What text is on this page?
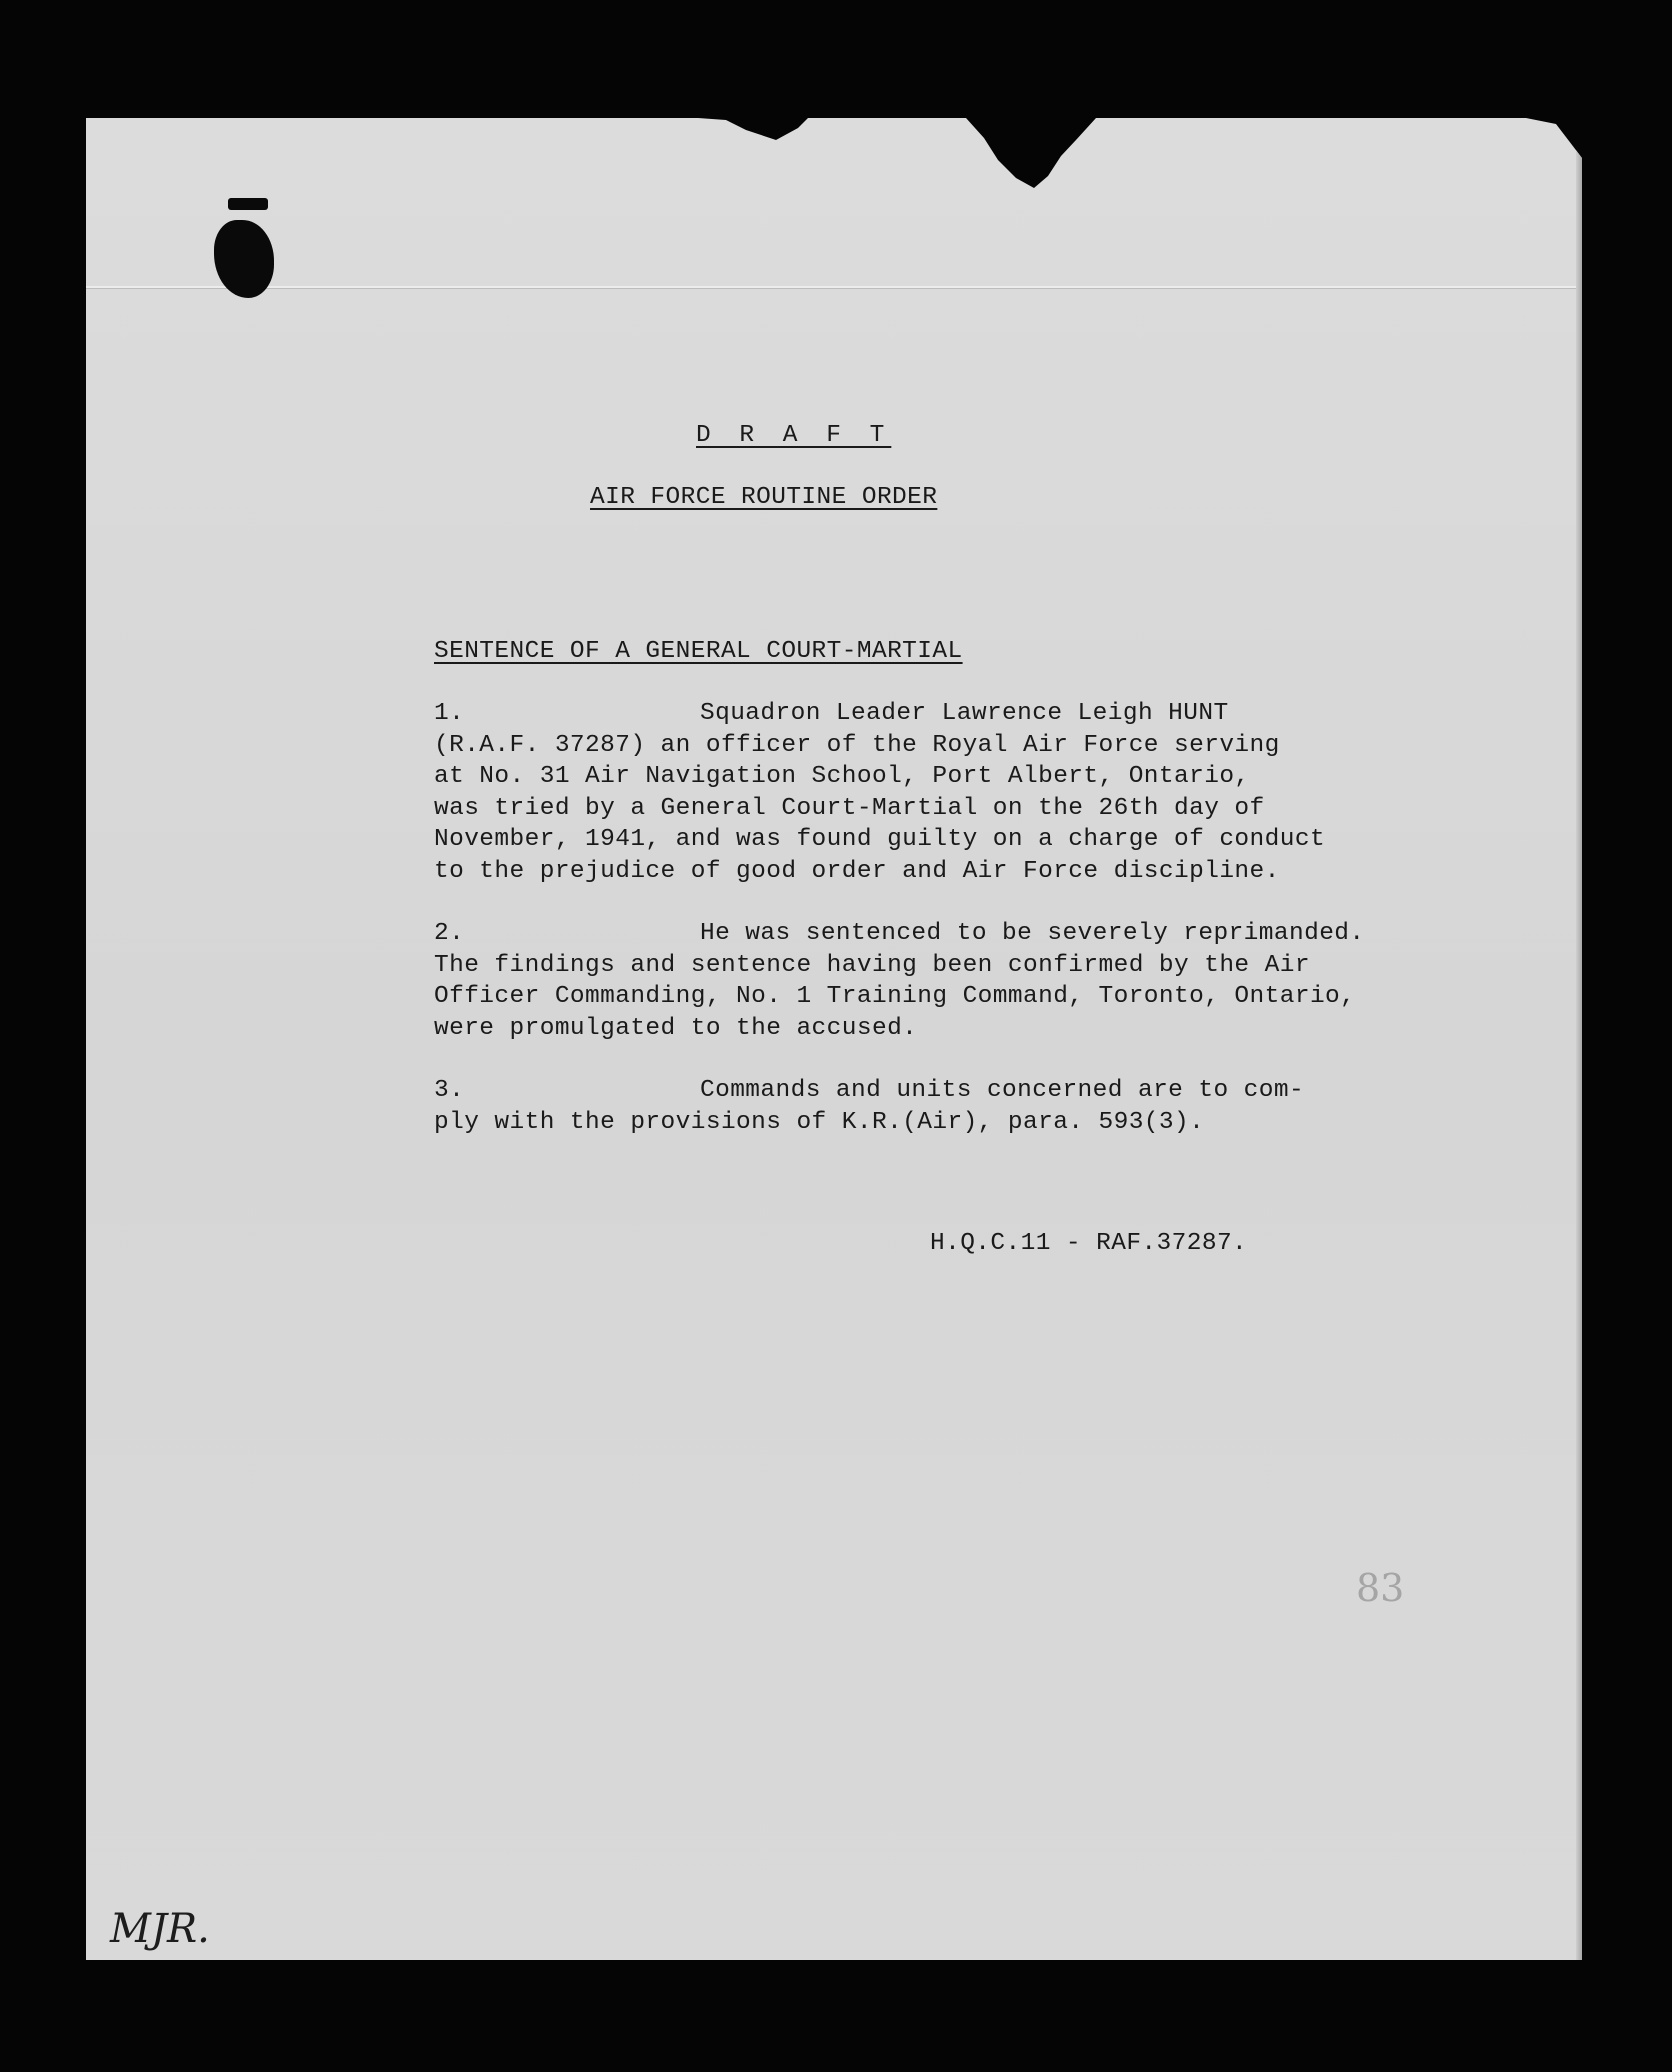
D R A F T
AIR FORCE ROUTINE ORDER
SENTENCE OF A GENERAL COURT-MARTIAL
1.	Squadron Leader Lawrence Leigh HUNT
(R.A.F. 37287) an officer of the Royal Air Force serving
at No. 31 Air Navigation School, Port Albert, Ontario,
was tried by a General Court-Martial on the 26th day of
November, 1941, and was found guilty on a charge of conduct
to the prejudice of good order and Air Force discipline.
2.	He was sentenced to be severely reprimanded.
The findings and sentence having been confirmed by the Air
Officer Commanding, No. 1 Training Command, Toronto, Ontario,
were promulgated to the accused.
3.	Commands and units concerned are to com-
ply with the provisions of K.R.(Air), para. 593(3).
H.Q.C.11 - RAF.37287.
83
MJR.
